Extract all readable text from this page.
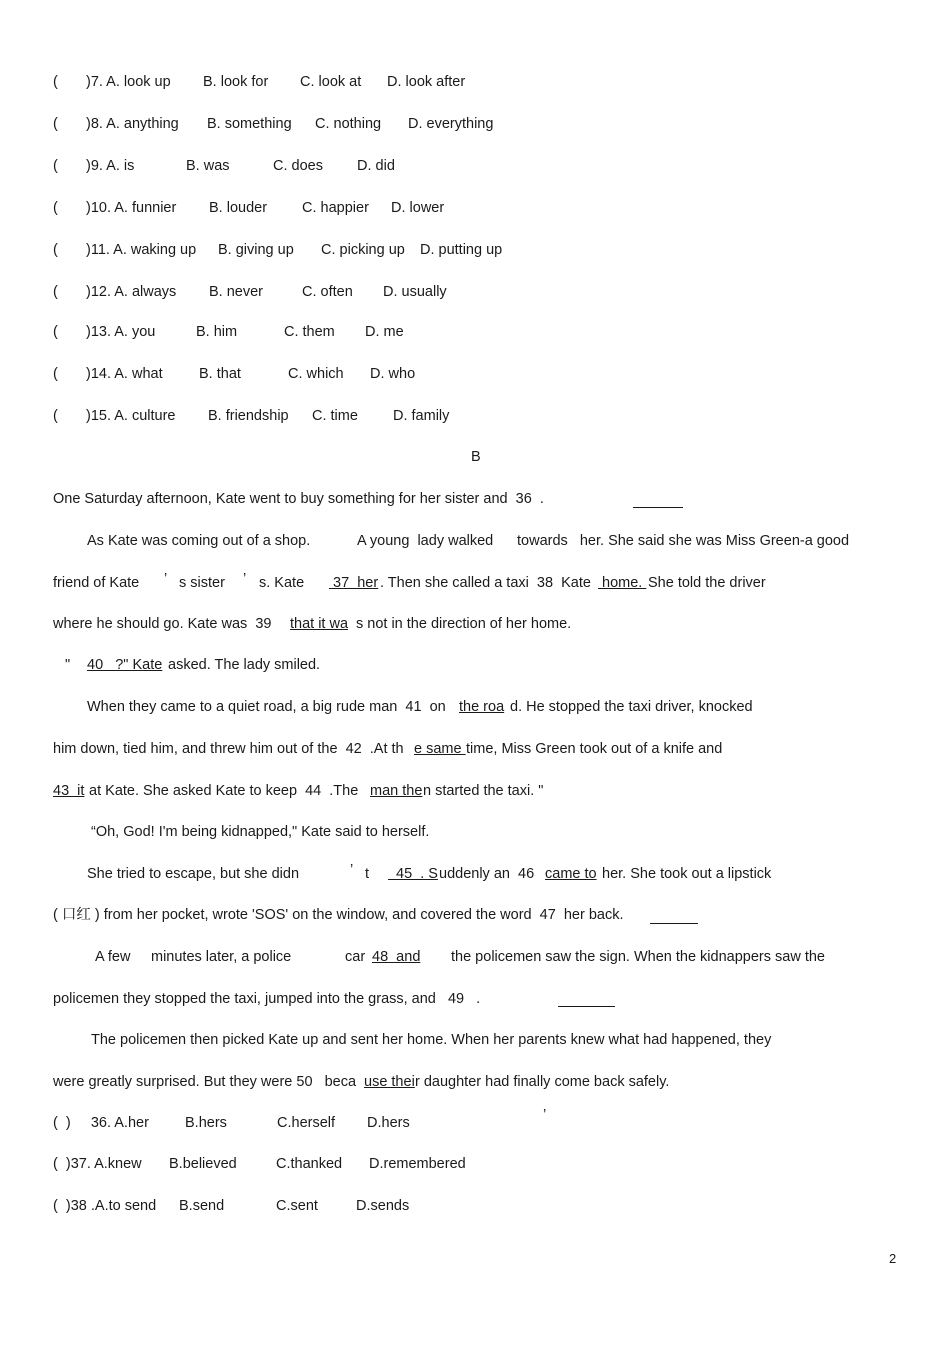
(       )7. A. look up B. look for C. look at D. look after
(       )8. A. anything B. something C. nothing D. everything
(       )9. A. is	B. was	C. does D. did
(       )10. A. funnier B. louder C. happier D. lower
(       )11. A. waking up B. giving up C. picking up D. putting up
(       )12. A. always B. never	C. often D. usually
(       )13. A. you	B. him	C. them D. me
(       )14. A. what	B. that	C. which D. who
(       )15. A. culture B. friendship C. time D. family
B
One Saturday afternoon, Kate went to buy something for her sister and  36  .
As Kate was coming out of a shop.	A young  lady walked towards   her. She said she was Miss Green-a good
friend of Kate ’ s sister ’ s. Kate 37  her . Then she called a taxi  38  Kate home. She told the driver
where he should go. Kate was  39 that it wa s not in the direction of her home.
" 40   ?" Kate asked. The lady smiled.
When they came to a quiet road, a big rude man  41  on the roa d. He stopped the taxi driver, knocked
him down, tied him, and threw him out of the  42  .At th e same time, Miss Green took out of a knife and
43  it at Kate. She asked Kate to keep  44  .The man the n started the taxi. "
“Oh, God! I'm being kidnapped," Kate said to herself.
She tried to escape, but she didn	’ t 45  . S uddenly an  46 came to her. She took out a lipstick
( 口红 ) from her pocket, wrote 'SOS' on the window, and covered the word  47  her back.
A few minutes later, a police	car 48  and the policemen saw the sign. When the kidnappers saw the
policemen they stopped the taxi, jumped into the grass, and   49   .
The policemen then picked Kate up and sent her home. When her parents knew what had happened, they
were greatly surprised. But they were 50   beca use thei r daughter had finally come back safely.
’
(  )     36. A.her B.hers	C.herself D.hers
(  )37. A.knew B.believed	C.thanked D.remembered
(  )38 .A.to send B.send	C.sent	D.sends
2
